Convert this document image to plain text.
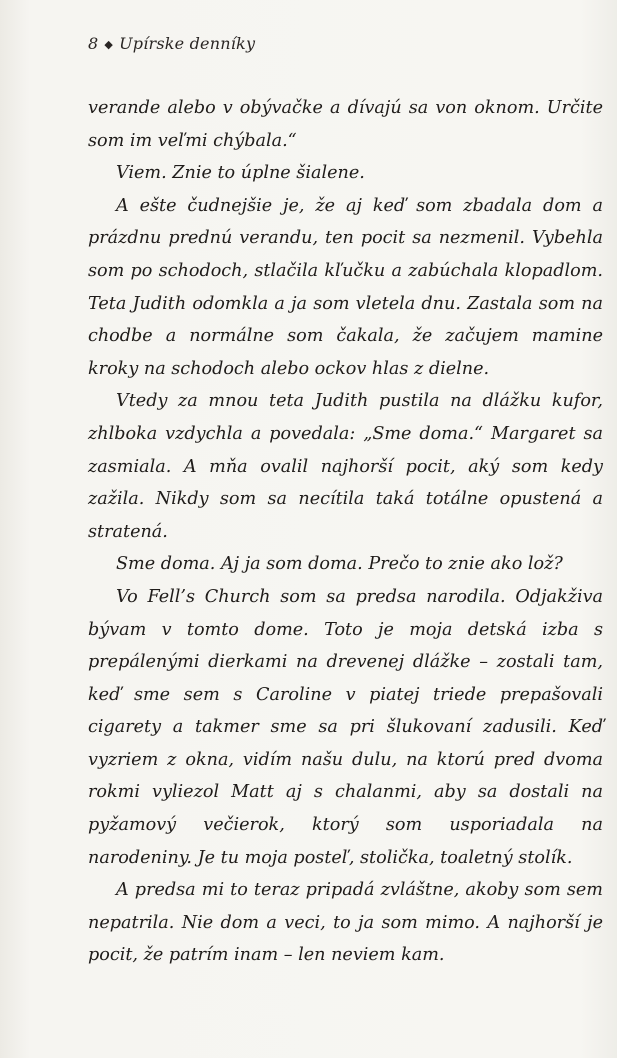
8 ◆ Upírske denníky

verande alebo v obývačke a dívajú sa von oknom. Určite som im veľmi chýbala.“

Viem. Znie to úplne šialene.

A ešte čudnejšie je, že aj keď som zbadala dom a prázdnu prednú verandu, ten pocit sa nezmenil. Vybehla som po schodoch, stlačila kľučku a zabúchala klopadlom. Teta Judith odomkla a ja som vletela dnu. Zastala som na chodbe a normálne som čakala, že začujem mamine kroky na schodoch alebo ockov hlas z dielne.

Vtedy za mnou teta Judith pustila na dlážku kufor, zhlboka vzdychla a povedala: „Sme doma.“ Margaret sa zasmiala. A mňa ovalil najhorší pocit, aký som kedy zažila. Nikdy som sa necítila taká totálne opustená a stratená.

Sme doma. Aj ja som doma. Prečo to znie ako lož?

Vo Fell’s Church som sa predsa narodila. Odjakživa bývam v tomto dome. Toto je moja detská izba s prepálenými dierkami na drevenej dlážke – zostali tam, keď sme sem s Caroline v piatej triede prepašovali cigarety a takmer sme sa pri šlukovaní zadusili. Keď vyzriem z okna, vidím našu dulu, na ktorú pred dvoma rokmi vyliezol Matt aj s chalanmi, aby sa dostali na pyžamový večierok, ktorý som usporiadala na narodeniny. Je tu moja posteľ, stolička, toaletný stolík.

A predsa mi to teraz pripadá zvláštne, akoby som sem nepatrila. Nie dom a veci, to ja som mimo. A najhorší je pocit, že patrím inam – len neviem kam.
